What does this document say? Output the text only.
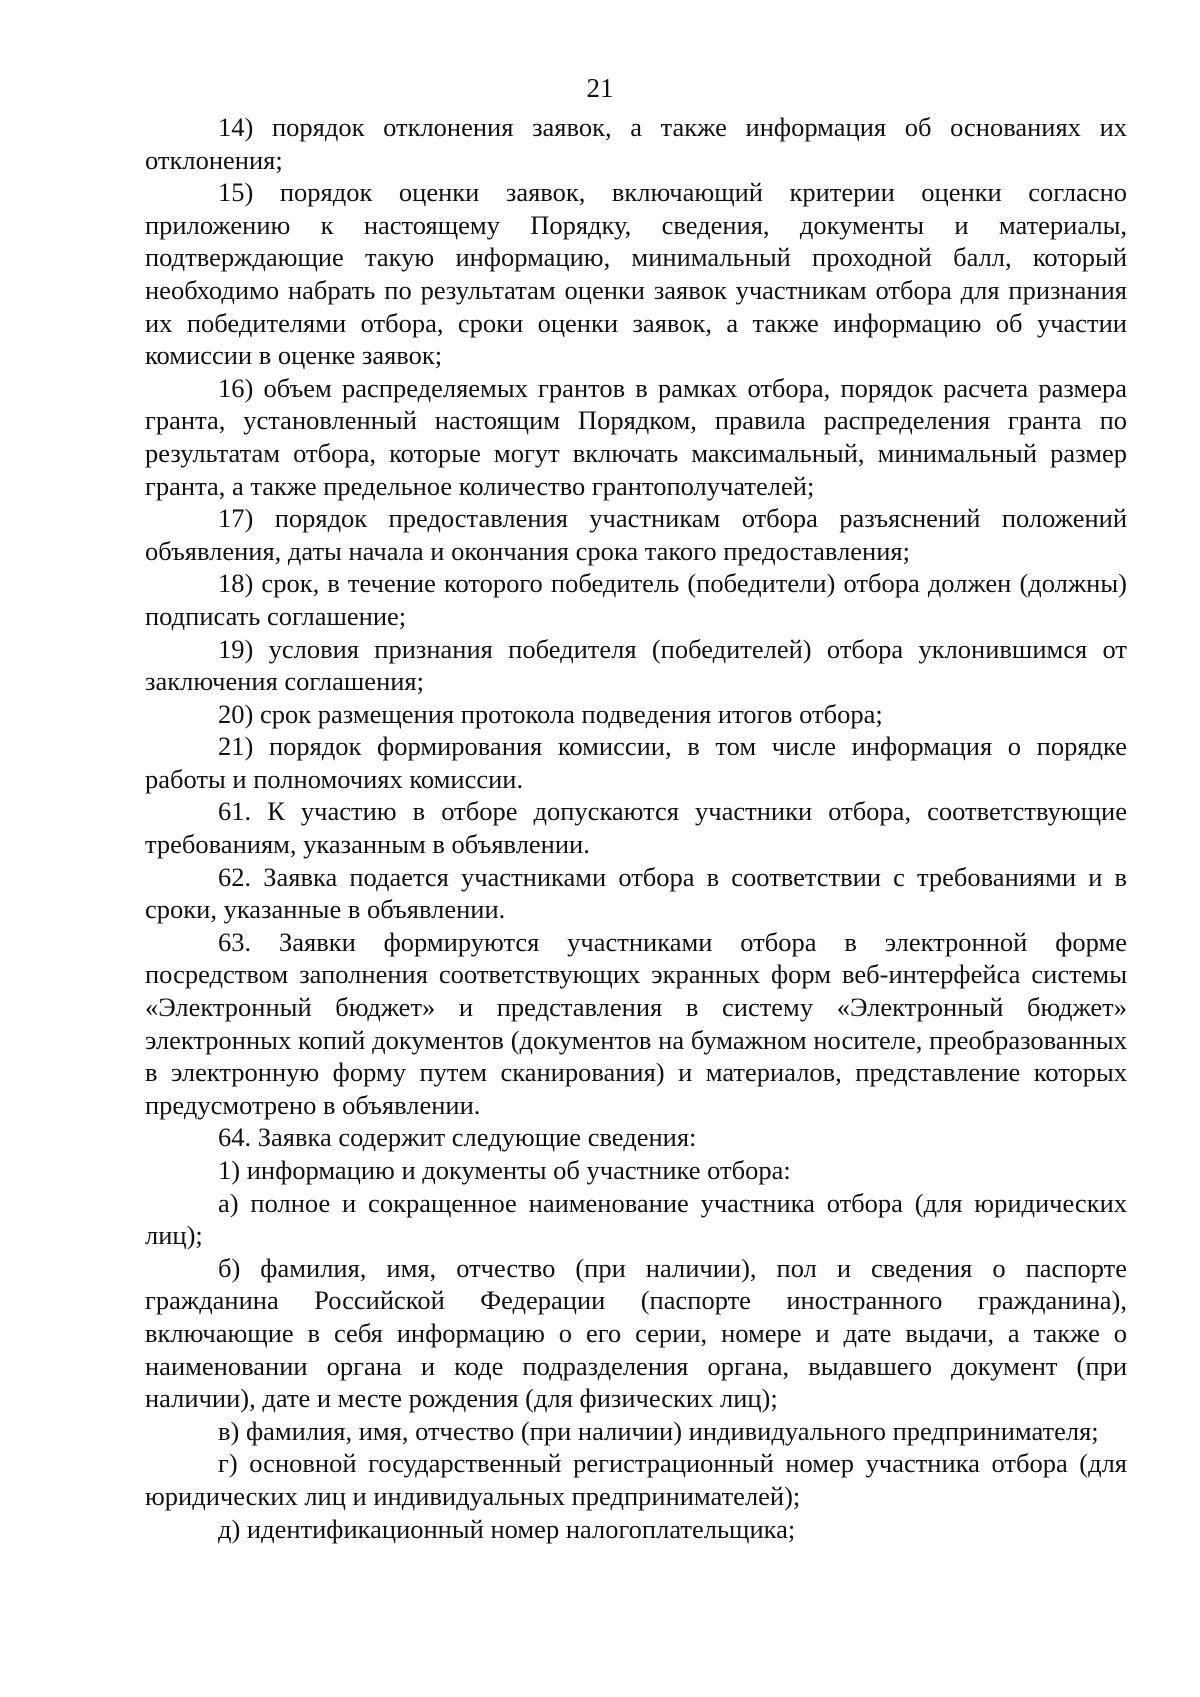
21

14) порядок отклонения заявок, а также информация об основаниях их отклонения;

15) порядок оценки заявок, включающий критерии оценки согласно приложению к настоящему Порядку, сведения, документы и материалы, подтверждающие такую информацию, минимальный проходной балл, который необходимо набрать по результатам оценки заявок участникам отбора для признания их победителями отбора, сроки оценки заявок, а также информацию об участии комиссии в оценке заявок;

16) объем распределяемых грантов в рамках отбора, порядок расчета размера гранта, установленный настоящим Порядком, правила распределения гранта по результатам отбора, которые могут включать максимальный, минимальный размер гранта, а также предельное количество грантополучателей;

17) порядок предоставления участникам отбора разъяснений положений объявления, даты начала и окончания срока такого предоставления;

18) срок, в течение которого победитель (победители) отбора должен (должны) подписать соглашение;

19) условия признания победителя (победителей) отбора уклонившимся от заключения соглашения;

20) срок размещения протокола подведения итогов отбора;

21) порядок формирования комиссии, в том числе информация о порядке работы и полномочиях комиссии.

61. К участию в отборе допускаются участники отбора, соответствующие требованиям, указанным в объявлении.

62. Заявка подается участниками отбора в соответствии с требованиями и в сроки, указанные в объявлении.

63. Заявки формируются участниками отбора в электронной форме посредством заполнения соответствующих экранных форм веб-интерфейса системы «Электронный бюджет» и представления в систему «Электронный бюджет» электронных копий документов (документов на бумажном носителе, преобразованных в электронную форму путем сканирования) и материалов, представление которых предусмотрено в объявлении.

64. Заявка содержит следующие сведения:

1) информацию и документы об участнике отбора:

а) полное и сокращенное наименование участника отбора (для юридических лиц);

б) фамилия, имя, отчество (при наличии), пол и сведения о паспорте гражданина Российской Федерации (паспорте иностранного гражданина), включающие в себя информацию о его серии, номере и дате выдачи, а также о наименовании органа и коде подразделения органа, выдавшего документ (при наличии), дате и месте рождения (для физических лиц);

в) фамилия, имя, отчество (при наличии) индивидуального предпринимателя;

г) основной государственный регистрационный номер участника отбора (для юридических лиц и индивидуальных предпринимателей);

д) идентификационный номер налогоплательщика;
